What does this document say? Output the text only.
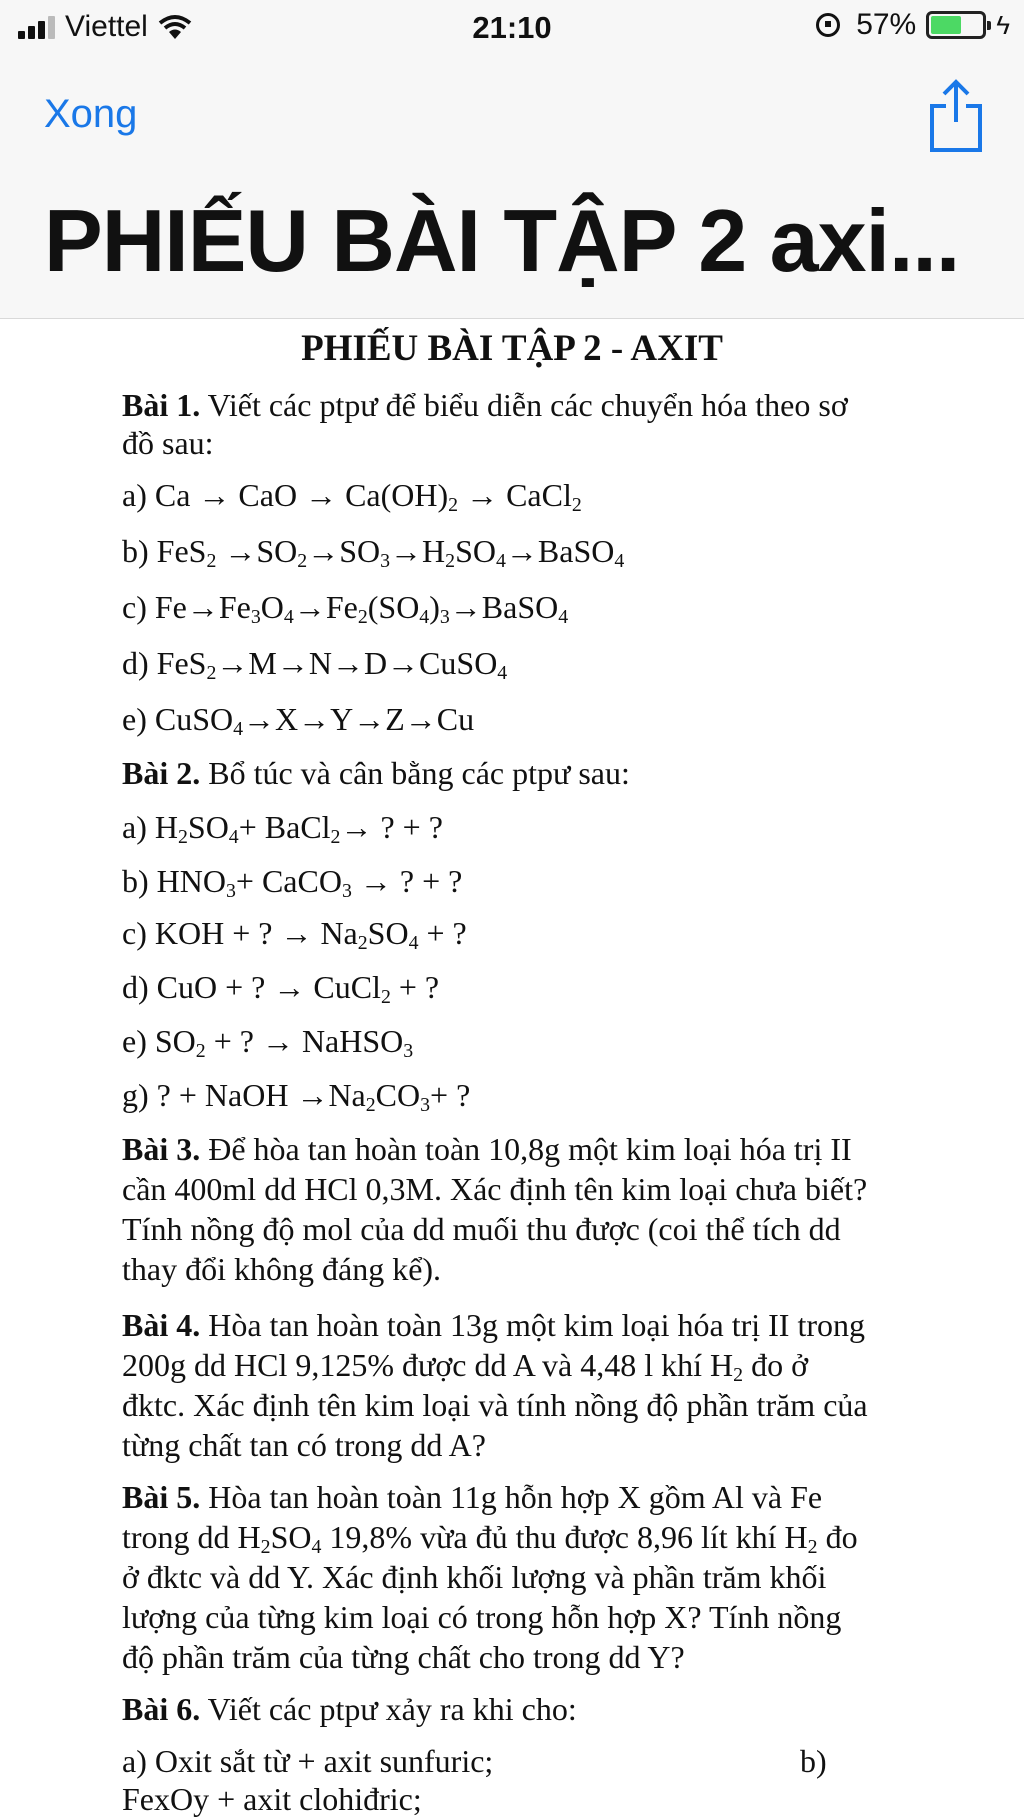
Viettel	21:10	57%	ϟ
Xong
PHIẾU BÀI TẬP 2 axi...
PHIẾU BÀI TẬP 2 - AXIT
Bài 1. Viết các ptpư để biểu diễn các chuyển hóa theo sơ
đồ sau:
a) Ca → CaO → $Ca(OH)_2$ → CaCl$_2$
b) $FeS_2 \to SO_2\to SO_3\to H_2SO_4\to BaSO_4$
c) $Fe\to Fe_3O_4\to Fe_2(SO_4)_3\to BaSO_4$
d) FeS$_2$→M→N→D→CuSO$_4$
e) CuSO$_4$→X→Y→Z→Cu
Bài 2. Bổ túc và cân bằng các ptpư sau:
a) $H_2SO_4+$ BaCl$_2$→ ? + ?
b) $HNO_3+$ CaCO$_3$ → ? + ?
c) KOH + ? → $Na_2SO_4$ + ?
d) CuO + ? → CuCl$_2$ + ?
e) $SO_2$ + ? → NaHSO$_3$
g) ? + NaOH $\to Na_2CO_3+$ ?
Bài 3. Để hòa tan hoàn toàn 10,8g một kim loại hóa trị II
cần 400ml dd HCl 0,3M. Xác định tên kim loại chưa biết?
Tính nồng độ mol của dd muối thu được (coi thể tích dd
thay đổi không đáng kể).
Bài 4. Hòa tan hoàn toàn 13g một kim loại hóa trị II trong
200g dd HCl 9,125% được dd A và 4,48 l khí $H_2$ đo ở
đktc. Xác định tên kim loại và tính nồng độ phần trăm của
từng chất tan có trong dd A?
Bài 5. Hòa tan hoàn toàn 11g hỗn hợp X gồm Al và Fe
trong dd $H_2SO_4$ 19,8% vừa đủ thu được 8,96 lít khí $H_2$ đo
ở đktc và dd Y. Xác định khối lượng và phần trăm khối
lượng của từng kim loại có trong hỗn hợp X? Tính nồng
độ phần trăm của từng chất cho trong dd Y?
Bài 6. Viết các ptpư xảy ra khi cho:
a) Oxit sắt từ + axit sunfuric;	b)
FexOy + axit clohiđric;
